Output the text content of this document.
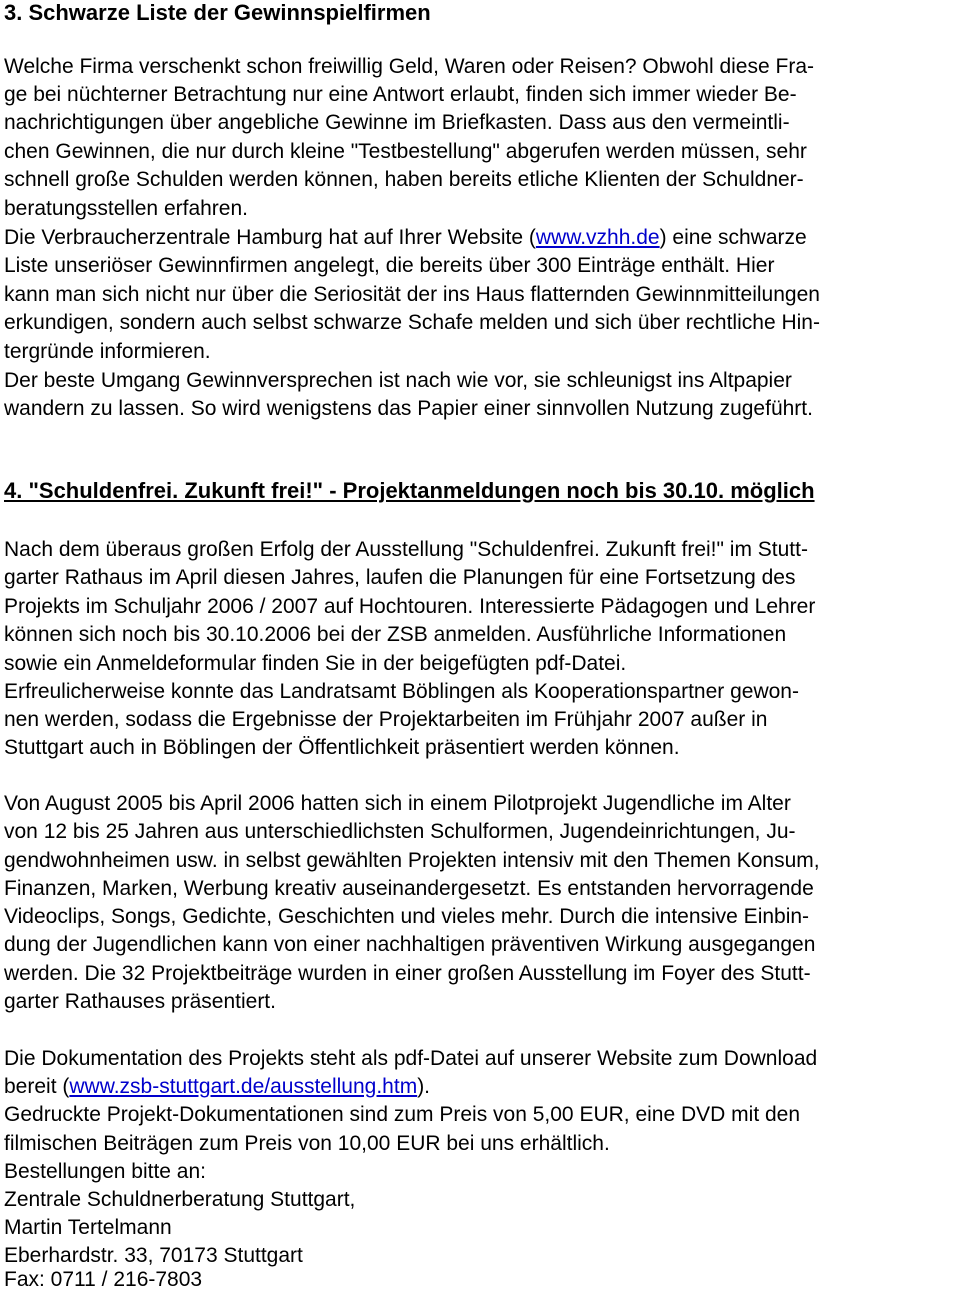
3. Schwarze Liste der Gewinnspielfirmen
Welche Firma verschenkt schon freiwillig Geld, Waren oder Reisen? Obwohl diese Fra-
ge bei nüchterner Betrachtung nur eine Antwort erlaubt, finden sich immer wieder Be-
nachrichtigungen über angebliche Gewinne im Briefkasten. Dass aus den vermeintli-
chen Gewinnen, die nur durch kleine "Testbestellung" abgerufen werden müssen, sehr
schnell große Schulden werden können, haben bereits etliche Klienten der Schuldner-
beratungsstellen erfahren.
Die Verbraucherzentrale Hamburg hat auf Ihrer Website (www.vzhh.de) eine schwarze
Liste unseriöser Gewinnfirmen angelegt, die bereits über 300 Einträge enthält. Hier
kann man sich nicht nur über die Seriosität der ins Haus flatternden Gewinnmitteilungen
erkundigen, sondern auch selbst schwarze Schafe melden und sich über rechtliche Hin-
tergründe informieren.
Der beste Umgang Gewinnversprechen ist nach wie vor, sie schleunigst ins Altpapier
wandern zu lassen. So wird wenigstens das Papier einer sinnvollen Nutzung zugeführt.
4. "Schuldenfrei. Zukunft frei!" - Projektanmeldungen noch bis 30.10. möglich
Nach dem überaus großen Erfolg der Ausstellung "Schuldenfrei. Zukunft frei!" im Stutt-
garter Rathaus im April diesen Jahres, laufen die Planungen für eine Fortsetzung des
Projekts im Schuljahr 2006 / 2007 auf Hochtouren. Interessierte Pädagogen und Lehrer
können sich noch bis 30.10.2006 bei der ZSB anmelden. Ausführliche Informationen
sowie ein Anmeldeformular finden Sie in der beigefügten pdf-Datei.
Erfreulicherweise konnte das Landratsamt Böblingen als Kooperationspartner gewon-
nen werden, sodass die Ergebnisse der Projektarbeiten im Frühjahr 2007 außer in
Stuttgart auch in Böblingen der Öffentlichkeit präsentiert werden können.
Von August 2005 bis April 2006 hatten sich in einem Pilotprojekt Jugendliche im Alter
von 12 bis 25 Jahren aus unterschiedlichsten Schulformen, Jugendeinrichtungen, Ju-
gendwohnheimen usw. in selbst gewählten Projekten intensiv mit den Themen Konsum,
Finanzen, Marken, Werbung kreativ auseinandergesetzt. Es entstanden hervorragende
Videoclips, Songs, Gedichte, Geschichten und vieles mehr. Durch die intensive Einbin-
dung der Jugendlichen kann von einer nachhaltigen präventiven Wirkung ausgegangen
werden. Die 32 Projektbeiträge wurden in einer großen Ausstellung im Foyer des Stutt-
garter Rathauses präsentiert.
Die Dokumentation des Projekts steht als pdf-Datei auf unserer Website zum Download
bereit (www.zsb-stuttgart.de/ausstellung.htm).
Gedruckte Projekt-Dokumentationen sind zum Preis von 5,00 EUR, eine DVD mit den
filmischen Beiträgen zum Preis von 10,00 EUR bei uns erhältlich.
Bestellungen bitte an:
Zentrale Schuldnerberatung Stuttgart,
Martin Tertelmann
Eberhardstr. 33, 70173 Stuttgart
Fax: 0711 / 216-7803
